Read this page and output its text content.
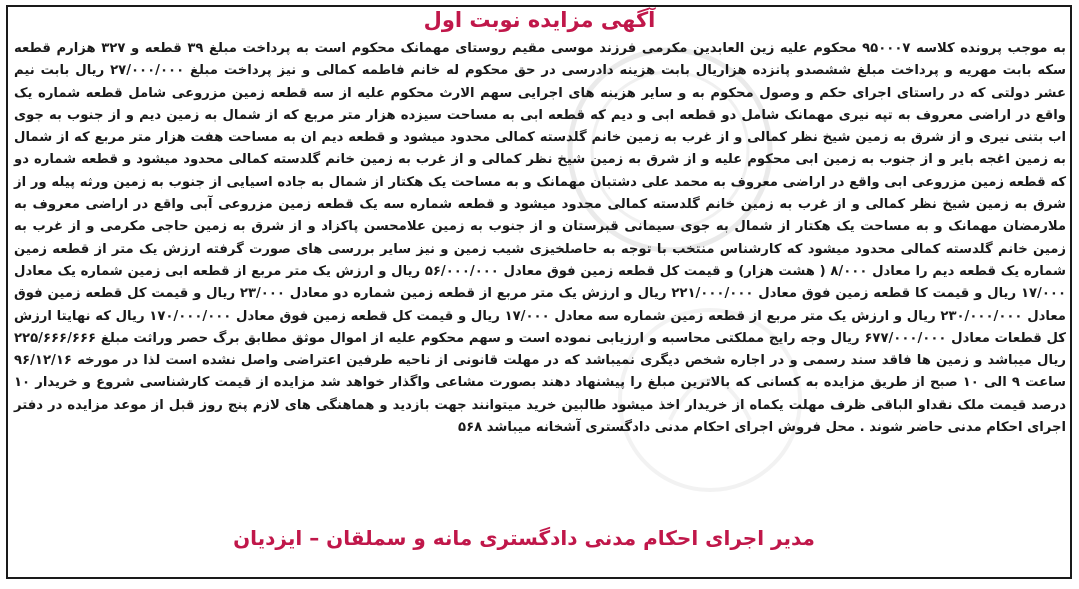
آگهی مزایده نوبت اول
به موجب پرونده کلاسه ۹۵۰۰۰۷ محکوم علیه زین العابدین مکرمی فرزند موسی مقیم روستای مهمانک محکوم است به پرداخت مبلغ ۳۹ قطعه و ۳۲۷ هزارم قطعه سکه بابت مهریه و پرداخت مبلغ ششصدو پانزده هزاریال بابت هزینه دادرسی در حق محکوم له خانم فاطمه کمالی و نیز پرداخت مبلغ ۲۷/۰۰۰/۰۰۰ ریال بابت نیم عشر دولتی که در راستای اجرای حکم و وصول محکوم به و سایر هزینه های اجرایی سهم الارث محکوم علیه از سه قطعه زمین مزروعی شامل قطعه شماره یک واقع در اراضی معروف به تپه نیری مهمانک شامل دو قطعه ابی و دیم که قطعه ابی به مساحت سیزده هزار متر مربع که از شمال به زمین دیم و از جنوب به جوی اب بتنی نیری و از شرق به زمین شیخ نظر کمالی و از غرب به زمین خانم گلدسته کمالی محدود میشود و قطعه دیم ان به مساحت هفت هزار متر مربع که از شمال به زمین اغجه بایر و از جنوب به زمین ابی محکوم علیه و از شرق به زمین شیخ نظر کمالی و از غرب به زمین خانم گلدسته کمالی محدود میشود و قطعه شماره دو که قطعه زمین مزروعی ابی واقع در اراضی معروف به محمد علی دشتبان مهمانک و به مساحت یک هکتار از شمال به جاده اسیایی از جنوب به زمین ورثه پیله ور از شرق به زمین شیخ نظر کمالی و از غرب به زمین خانم گلدسته کمالی محدود میشود و قطعه شماره سه یک قطعه زمین مزروعی آبی واقع در اراضی معروف به ملارمضان مهمانک و به مساحت یک هکتار از شمال به جوی سیمانی قبرستان و از جنوب به زمین علامحسن پاکزاد و از شرق به زمین حاجی مکرمی و از غرب به زمین خانم گلدسته کمالی محدود میشود که کارشناس منتخب با توجه به حاصلخیزی شیب زمین و نیز سایر بررسی های صورت گرفته ارزش یک متر از قطعه زمین شماره یک قطعه دیم را معادل ۸/۰۰۰ ( هشت هزار) و قیمت کل قطعه زمین فوق معادل ۵۶/۰۰۰/۰۰۰ ریال و ارزش یک متر مربع از قطعه ابی زمین شماره یک معادل ۱۷/۰۰۰ ریال و قیمت کا قطعه زمین فوق معادل ۲۲۱/۰۰۰/۰۰۰ ریال و ارزش یک متر مربع از قطعه زمین شماره دو معادل ۲۳/۰۰۰ ریال و قیمت کل قطعه زمین فوق معادل ۲۳۰/۰۰۰/۰۰۰ ریال و ارزش یک متر مربع از قطعه زمین شماره سه معادل ۱۷/۰۰۰ ریال و قیمت کل قطعه زمین فوق معادل ۱۷۰/۰۰۰/۰۰۰ ریال که نهایتا ارزش کل قطعات معادل ۶۷۷/۰۰۰/۰۰۰ ریال وجه رایج مملکتی محاسبه و ارزیابی نموده است و سهم محکوم علیه از اموال موثق مطابق برگ حصر وراثت مبلغ ۲۲۵/۶۶۶/۶۶۶ ریال میباشد و زمین ها فاقد سند رسمی و در اجاره شخص دیگری نمیباشد که در مهلت قانونی از ناحیه طرفین اعتراضی واصل نشده است لذا در مورخه ۹۶/۱۲/۱۶ ساعت ۹ الی ۱۰ صبح از طریق مزایده به کسانی که بالاترین مبلغ را پیشنهاد دهند بصورت مشاعی واگذار خواهد شد مزایده از قیمت کارشناسی شروع و خریدار ۱۰ درصد قیمت ملک نقداو الباقی ظرف مهلت یکماه از خریدار اخذ میشود طالبین خرید میتوانند جهت بازدید و هماهنگی های لازم پنج روز قبل از موعد مزایده در دفتر اجرای احکام مدنی حاضر شوند . محل فروش اجرای احکام مدنی دادگستری آشخانه میباشد ۵۶۸
مدیر اجرای احکام مدنی دادگستری مانه و سملقان – ایزدیان
